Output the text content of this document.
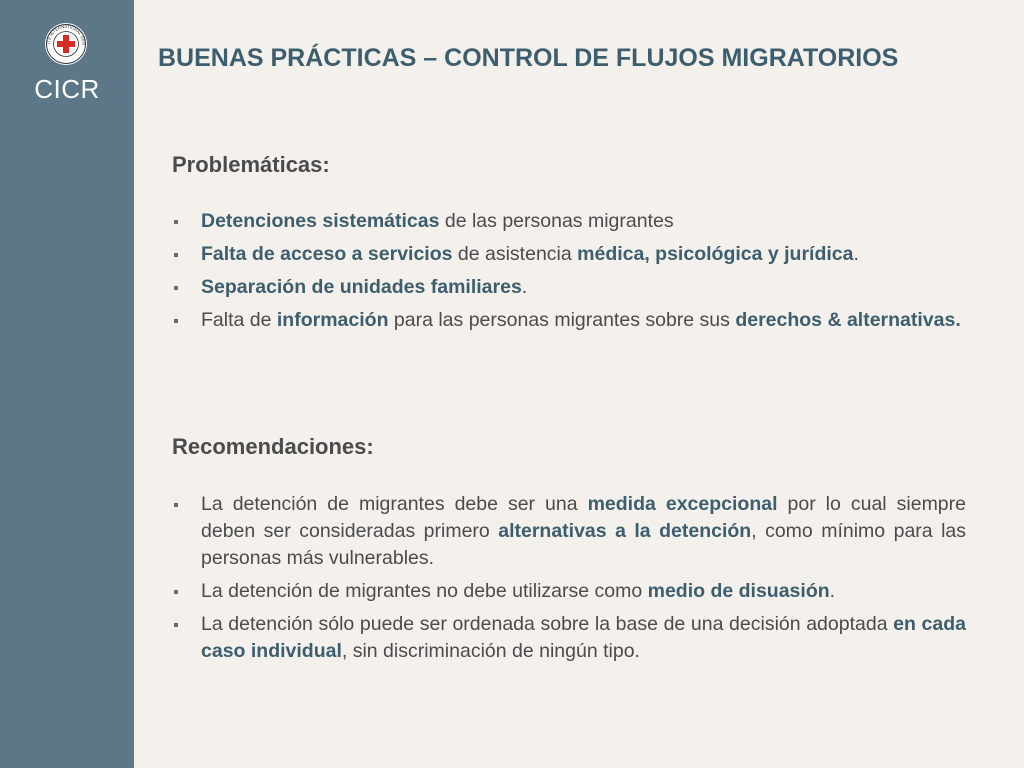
ITÉ INTERNATIONAL GEN
CICR
BUENAS PRÁCTICAS – CONTROL DE FLUJOS MIGRATORIOS
Problemáticas:
Detenciones sistemáticas de las personas migrantes
Falta de acceso a servicios de asistencia médica, psicológica y jurídica.
Separación de unidades familiares.
Falta de información para las personas migrantes sobre sus derechos & alternativas.
Recomendaciones:
La detención de migrantes debe ser una medida excepcional por lo cual siempre deben ser consideradas primero alternativas a la detención, como mínimo para las personas más vulnerables.
La detención de migrantes no debe utilizarse como medio de disuasión.
La detención sólo puede ser ordenada sobre la base de una decisión adoptada en cada caso individual, sin discriminación de ningún tipo.
